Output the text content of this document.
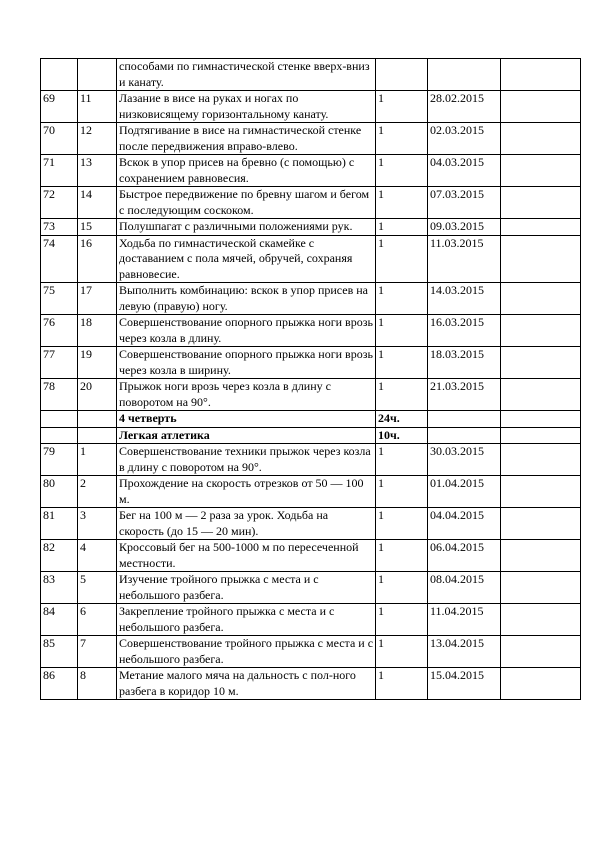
		способами по гимнастической стенке вверх-вниз и канату.			
69	11	Лазание в висе на руках и ногах по низковисящему горизонтальному канату.	1	28.02.2015	
70	12	Подтягивание в висе на гимнастической стенке после передвижения вправо-влево.	1	02.03.2015	
71	13	Вскок в упор присев на бревно (с помощью) с сохранением равновесия.	1	04.03.2015	
72	14	Быстрое передвижение по бревну шагом и бегом с последующим соскоком.	1	07.03.2015	
73	15	Полушпагат с различными положениями рук.	1	09.03.2015	
74	16	Ходьба по гимнастической скамейке с доставанием с пола мячей, обручей, сохраняя равновесие.	1	11.03.2015	
75	17	Выполнить комбинацию: вскок в упор присев на левую (правую) ногу.	1	14.03.2015	
76	18	Совершенствование опорного прыжка ноги врозь через козла в длину.	1	16.03.2015	
77	19	Совершенствование опорного прыжка ноги врозь через козла в ширину.	1	18.03.2015	
78	20	Прыжок ноги врозь через козла в длину с поворотом на 90°.	1	21.03.2015	
		4 четверть	24ч.		
		Легкая атлетика	10ч.		
79	1	Совершенствование техники прыжок через козла в длину с поворотом на 90°.	1	30.03.2015	
80	2	Прохождение на скорость отрезков от 50 — 100 м.	1	01.04.2015	
81	3	Бег на 100 м — 2 раза за урок. Ходьба на скорость (до 15 — 20 мин).	1	04.04.2015	
82	4	Кроссовый бег на 500-1000 м по пересеченной местности.	1	06.04.2015	
83	5	Изучение тройного прыжка с места и с небольшого разбега.	1	08.04.2015	
84	6	Закрепление тройного прыжка с места и с небольшого разбега.	1	11.04.2015	
85	7	Совершенствование тройного прыжка с места и с небольшого разбега.	1	13.04.2015	
86	8	Метание малого мяча на дальность с пол-ного разбега в коридор 10 м.	1	15.04.2015	
